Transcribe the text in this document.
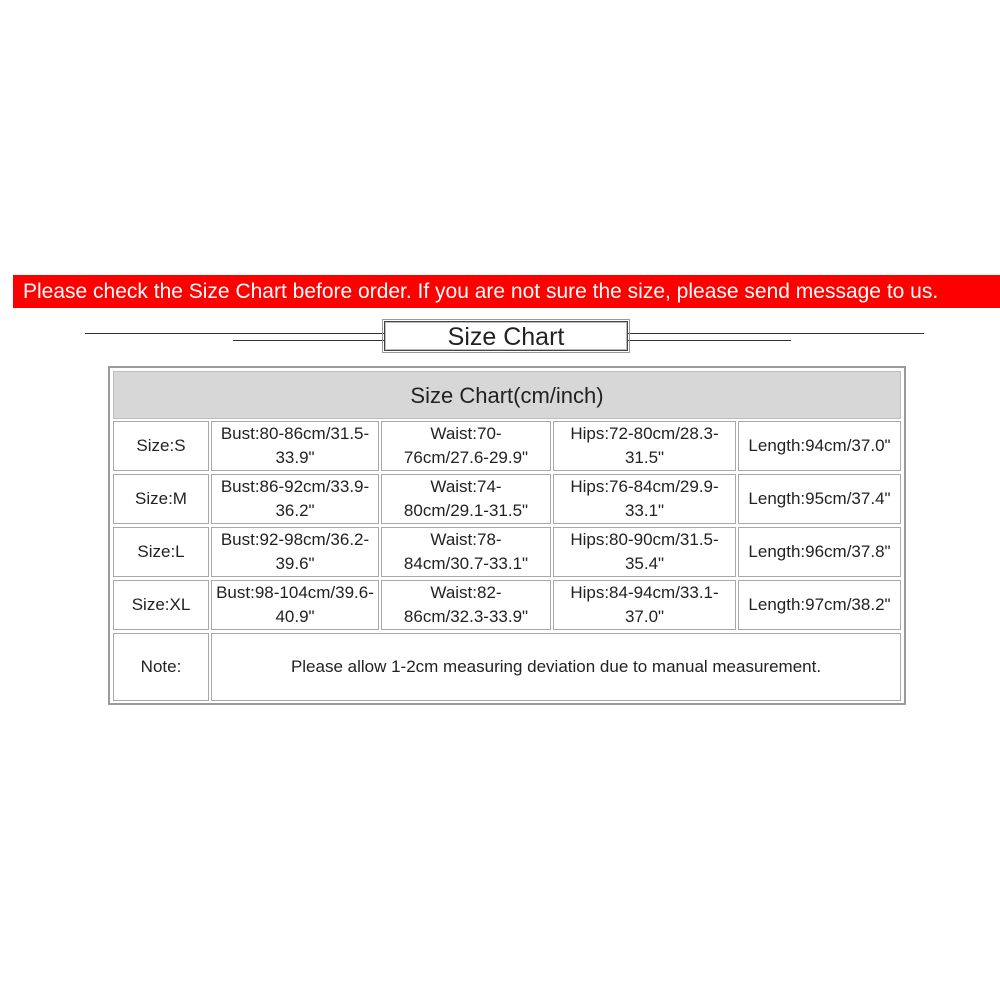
Please check the Size Chart before order. If you are not sure the size, please send message to us.
Size Chart
Size Chart(cm/inch)
Size:S
Bust:80-86cm/31.5-33.9"
Waist:70-76cm/27.6-29.9"
Hips:72-80cm/28.3-31.5"
Length:94cm/37.0"
Size:M
Bust:86-92cm/33.9-36.2"
Waist:74-80cm/29.1-31.5"
Hips:76-84cm/29.9-33.1"
Length:95cm/37.4"
Size:L
Bust:92-98cm/36.2-39.6"
Waist:78-84cm/30.7-33.1"
Hips:80-90cm/31.5-35.4"
Length:96cm/37.8"
Size:XL
Bust:98-104cm/39.6-40.9"
Waist:82-86cm/32.3-33.9"
Hips:84-94cm/33.1-37.0"
Length:97cm/38.2"
Note:	Please allow 1-2cm measuring deviation due to manual measurement.
